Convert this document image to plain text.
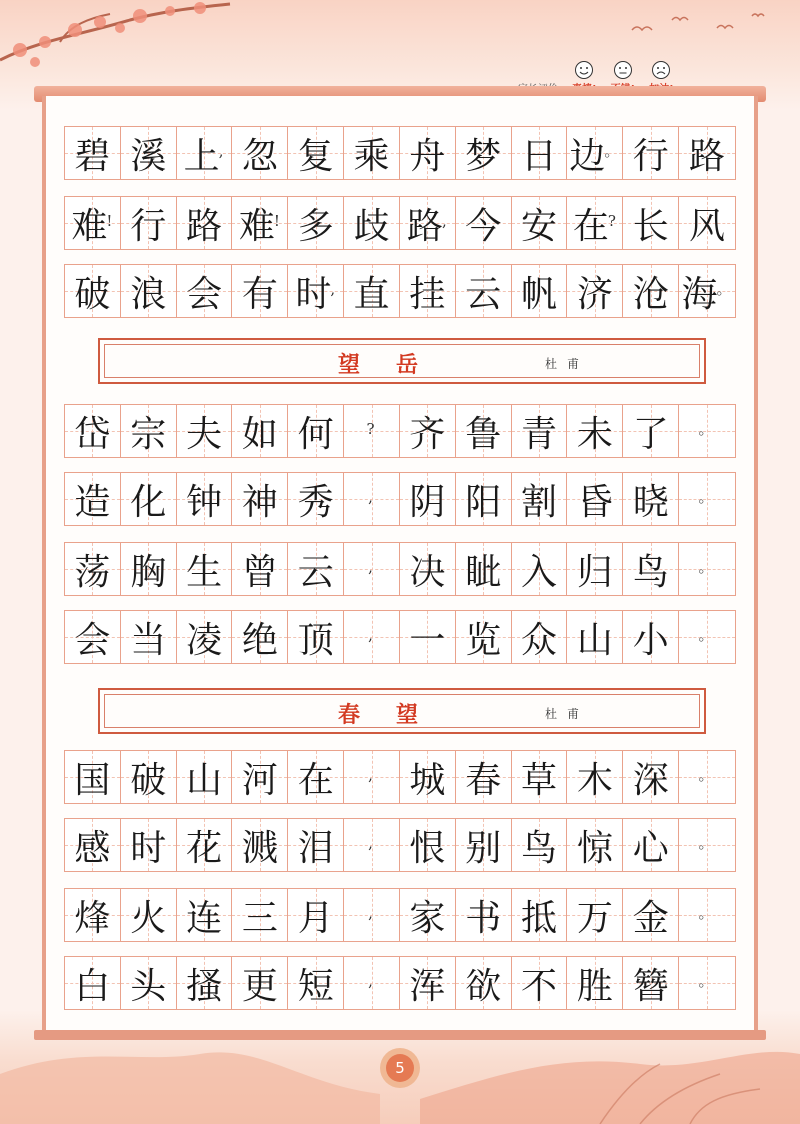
碧 溪 上 , 忽 复 乘 舟 梦 日 边 。 行 路
难 ! 行 路 难 ! 多 歧 路 , 今 安 在 ? 长 风
破 浪 会 有 时 , 直 挂 云 帆 济 沧 海 。
望岳	杜甫
岱 宗 夫 如 何 ? 齐 鲁 青 未 了 。
造 化 钟 神 秀 , 阴 阳 割 昏 晓 。
荡 胸 生 曾 云 , 决 眦 入 归 鸟 。
会 当 凌 绝 顶 , 一 览 众 山 小 。
春望	杜甫
国 破 山 河 在 , 城 春 草 木 深 。
感 时 花 溅 泪 , 恨 别 鸟 惊 心 。
烽 火 连 三 月 , 家 书 抵 万 金 。
白 头 搔 更 短 , 浑 欲 不 胜 簪 。
5
